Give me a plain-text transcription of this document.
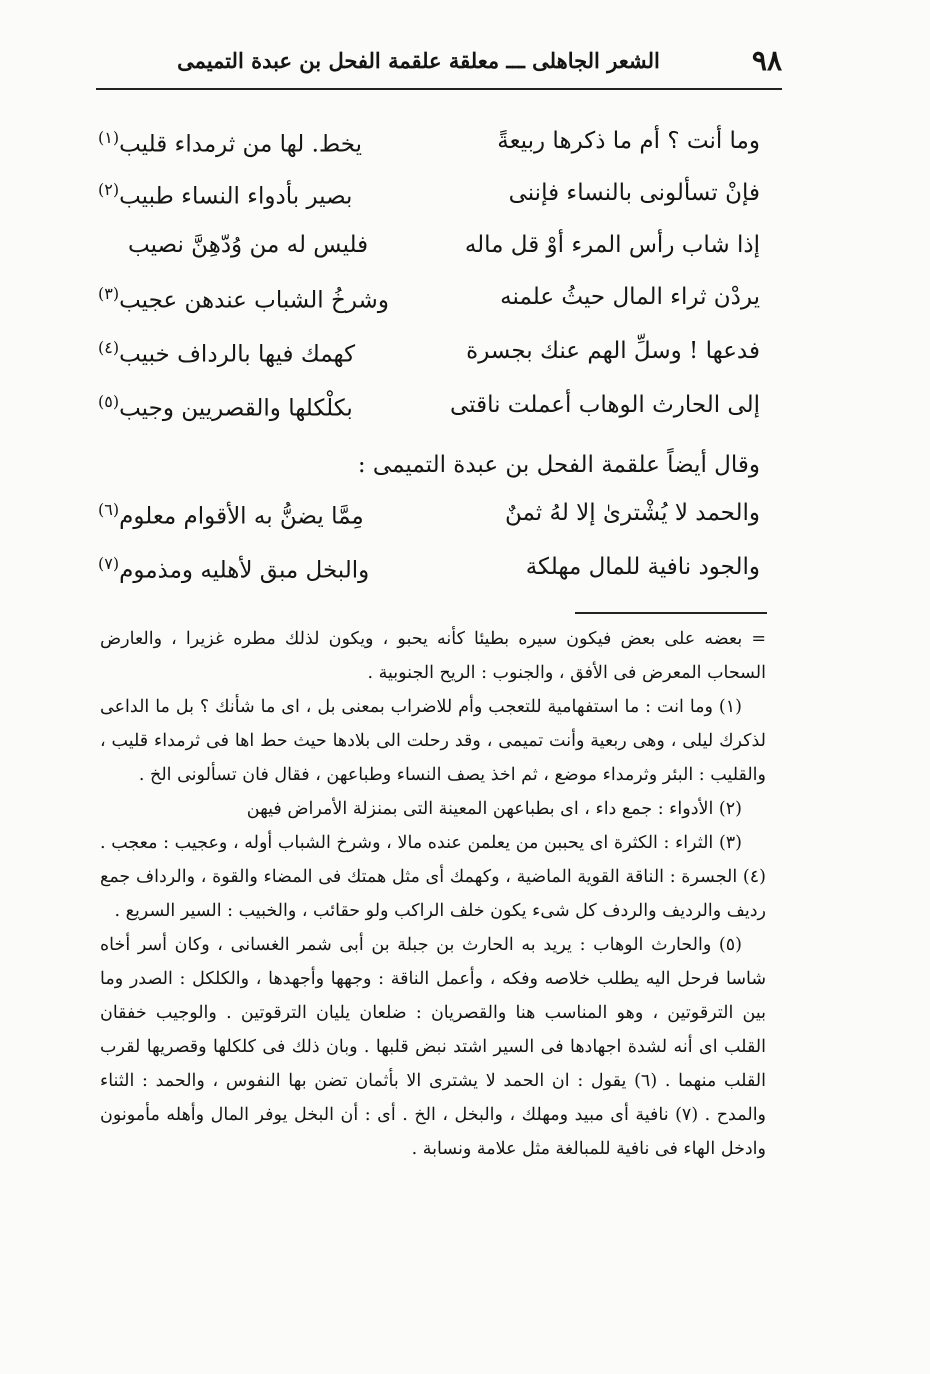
٩٨
الشعر الجاهلى ـــ معلقة علقمة الفحل بن عبدة التميمى
وما أنت ؟ أم ما ذكرها ربيعةً
يخط. لها من ثرمداء قليب$^{(١)}$
فإنْ تسألونى بالنساء فإننى
بصير بأدواء النساء طبيب$^{(٢)}$
إذا شاب رأس المرء أوْ قل ماله
فليس له من وُدّهِنَّ نصيب
يردْن ثراء المال حيثُ علمنه
وشرخُ الشباب عندهن عجيب$^{(٣)}$
فدعها ! وسلِّ الهم عنك بجسرة
كهمك فيها بالرداف خبيب$^{(٤)}$
إلى الحارث الوهاب أعملت ناقتى
بكلْكلها والقصريين وجيب$^{(٥)}$
وقال أيضاً علقمة الفحل بن عبدة التميمى :
والحمد لا يُشْترىٰ إلا لهُ ثمنٌ
مِمَّا يضنُّ به الأقوام معلوم$^{(٦)}$
والجود نافية للمال مهلكة
والبخل مبق لأهليه ومذموم$^{(٧)}$

= بعضه على بعض فيكون سيره بطيئا كأنه يحبو ، ويكون لذلك مطره غزيرا ، والعارض السحاب المعرض فى الأفق ، والجنوب : الريح الجنوبية .

(١) وما انت : ما استفهامية للتعجب وأم للاضراب بمعنى بل ، اى ما شأنك ؟ بل ما الداعى لذكرك ليلى ، وهى ربعية وأنت تميمى ، وقد رحلت الى بلادها حيث حط اها فى ثرمداء قليب ، والقليب : البئر وثرمداء موضع ، ثم اخذ يصف النساء وطباعهن ، فقال فان تسألونى الخ .

(٢) الأدواء : جمع داء ، اى بطباعهن المعينة التى بمنزلة الأمراض فيهن

(٣) الثراء : الكثرة اى يحببن من يعلمن عنده مالا ، وشرخ الشباب أوله ، وعجيب : معجب . (٤) الجسرة : الناقة القوية الماضية ، وكهمك أى مثل همتك فى المضاء والقوة ، والرداف جمع رديف والرديف والردف كل شىء يكون خلف الراكب ولو حقائب ، والخبيب : السير السريع .

(٥) والحارث الوهاب : يريد به الحارث بن جبلة بن أبى شمر الغسانى ، وكان أسر أخاه شاسا فرحل اليه يطلب خلاصه وفكه ، وأعمل الناقة : وجهها وأجهدها ، والكلكل : الصدر وما بين الترقوتين ، وهو المناسب هنا والقصريان : ضلعان يليان الترقوتين . والوجيب خفقان القلب اى أنه لشدة اجهادها فى السير اشتد نبض قلبها . وبان ذلك فى كلكلها وقصريها لقرب القلب منهما . (٦) يقول : ان الحمد لا يشترى الا بأثمان تضن بها النفوس ، والحمد : الثناء والمدح . (٧) نافية أى مبيد ومهلك ، والبخل ، الخ . أى : أن البخل يوفر المال وأهله مأمونون وادخل الهاء فى نافية للمبالغة مثل علامة ونسابة .
